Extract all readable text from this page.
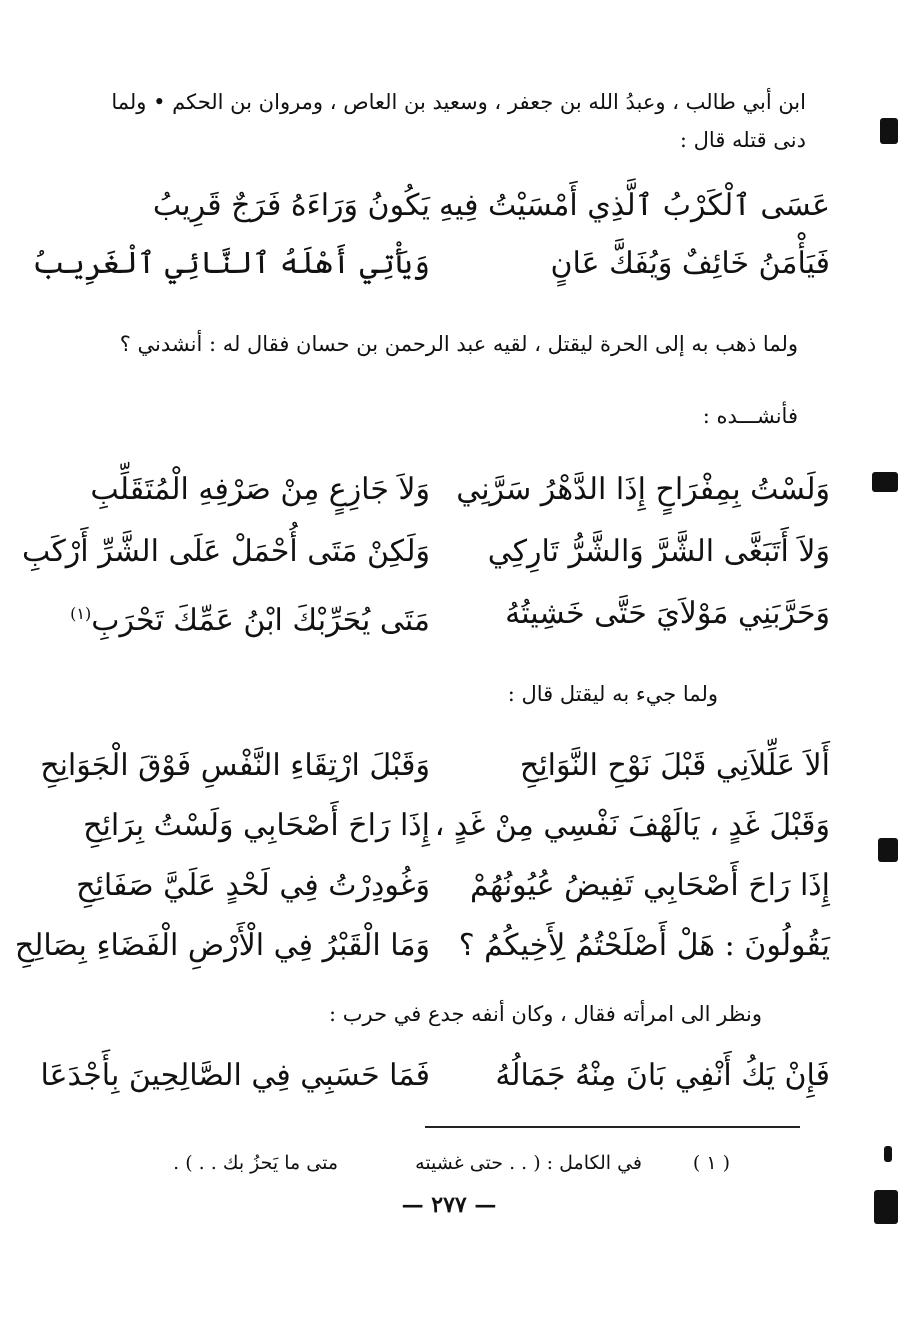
ابن أبي طالب ، وعبدُ الله بن جعفر ، وسعيد بن العاص ، ومروان بن الحكم • ولما
دنى قتله قال :
عَسَى ٱلْكَرْبُ ٱلَّذِي أَمْسَيْتُ فِيهِ
يَكُونُ وَرَاءَهُ فَرَجٌ قَرِيبُ
فَيَأْمَنُ خَائِفٌ وَيُفَكَّ عَانٍ
وَيَأْتِي أَهْلَهُ ٱلنَّائِي ٱلْغَرِيبُ
ولما ذهب به إلى الحرة ليقتل ، لقيه عبد الرحمن بن حسان فقال له : أنشدني ؟
فأنشـــده :
وَلَسْتُ بِمِفْرَاحٍ إِذَا الدَّهْرُ سَرَّنِي
وَلاَ جَازِعٍ مِنْ صَرْفِهِ الْمُتَقَلِّبِ
وَلاَ أَتَبَغَّى الشَّرَّ وَالشَّرُّ تَارِكِي
وَلَكِنْ مَتَى أُحْمَلْ عَلَى الشَّرِّ أَرْكَبِ
وَحَرَّبَنِي مَوْلاَيَ حَتَّى خَشِيتُهُ
مَتَى يُحَرِّبْكَ ابْنُ عَمِّكَ تَحْرَبِ$^{(١)}$
ولما جيء به ليقتل قال :
أَلاَ عَلِّلاَنِي قَبْلَ نَوْحِ النَّوَائِحِ
وَقَبْلَ ارْتِقَاءِ النَّفْسِ فَوْقَ الْجَوَانِحِ
وَقَبْلَ غَدٍ ، يَالَهْفَ نَفْسِي مِنْ غَدٍ ،
إِذَا رَاحَ أَصْحَابِي وَلَسْتُ بِرَائِحِ
إِذَا رَاحَ أَصْحَابِي تَفِيضُ عُيُونُهُمْ
وَغُودِرْتُ فِي لَحْدٍ عَلَيَّ صَفَائِحِ
يَقُولُونَ : هَلْ أَصْلَحْتُمُ لِأَخِيكُمُ ؟
وَمَا الْقَبْرُ فِي الْأَرْضِ الْفَضَاءِ بِصَالِحِ
ونظر الى امرأته فقال ، وكان أنفه جدع في حرب :
فَإِنْ يَكُ أَنْفِي بَانَ مِنْهُ جَمَالُهُ
فَمَا حَسَبِي فِي الصَّالِحِينَ بِأَجْدَعَا
( ١ )
في الكامل : ( . . حتى غشيته
متى ما يَحزُ بك . . ) .
— ٢٧٧ —
